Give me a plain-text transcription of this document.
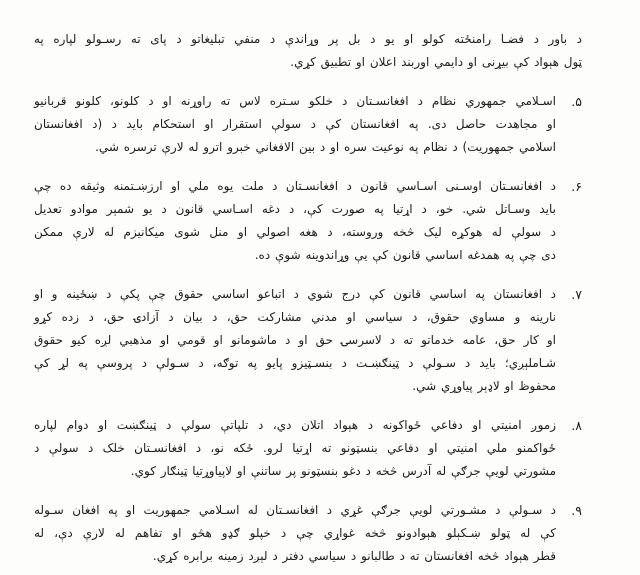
د باور د فضـا رامنځته کولو او يو د بل پر وړاندې د منفي تبليغاتو د پای ته رسـولو لپاره په
ټول هېواد کې بيړنی او دايمي اوربند اعلان او تطبيق کړي.
۵.
اسـلامي جمهوري نظام د افغانسـتان د خلکو سـتره لاس ته راوړنه او د کلونو، کلونو قربانيو
او مجاهدت حاصل دی. په افغانستان کې د سولې استقرار او استحکام بايد د (د افغانستان
اسلامي جمهوريت) د نظام په نوعيت سره او د بين الافغاني خبرو اترو له لارې ترسره شي.
۶.
د افغانسـتان اوسـنی اسـاسي قانون د افغانسـتان د ملت يوه ملي او ارزښـتمنه وثيقه ده چې
بايد وسـاتل شي. خو، د اړتيا په صورت کې، د دغه اسـاسي قانون د يو شمېر موادو تعديل
د سولې له هوکړه ليک څخه وروسته، د هغه اصولي او منل شوی ميکانيزم له لارې ممکن
دی چې په همدغه اساسي قانون کې يې وړاندوينه شوې ده.
۷.
د افغانستان په اساسي قانون کې درج شوي د اتباعو اساسي حقوق چې پکې د ښځينه و او
نارينه و مساوي حقوق، د سياسي او مدني مشارکت حق، د بيان د آزادۍ حق، د زده کړو
او کار حق، عامه خدماتو ته د لاسرسۍ حق او د ماشومانو او قومي او مذهبي لږه کيو حقوق
شـاملېږي؛ بايد د سـولې د ټينګښـت د بنسـټيزو پايو په توګه، د سـولې د پروسې په لړ کې
محفوظ او لاډېر پياوړي شي.
۸.
زموږ امنيتي او دفاعي ځواکونه د هېواد اتلان دي، د تلپاتې سولې د ټينګښت او دوام لپاره
ځواکمنو ملي امنيتي او دفاعي بنسټونو ته اړتيا لرو. ځکه نو، د افغانسـتان خلک د سولې د
مشورتي لويې جرګې له آدرس څخه د دغو بنسټونو پر ساتنې او لاپياوړتيا ټينګار کوي.
۹.
د سـولې د مشـورتي لويې جرګې غړي د افغانسـتان له اسـلامي جمهوريت او په افغان سـوله
کې له ټولو ښـکېلو هېوادونو څخه غواړي چې د خپلو ګډو هڅو او تفاهم له لارې دې، له
قطر هېواد څخه افغانستان ته د طالبانو د سياسي دفتر د لېږد زمينه برابره کړي.
